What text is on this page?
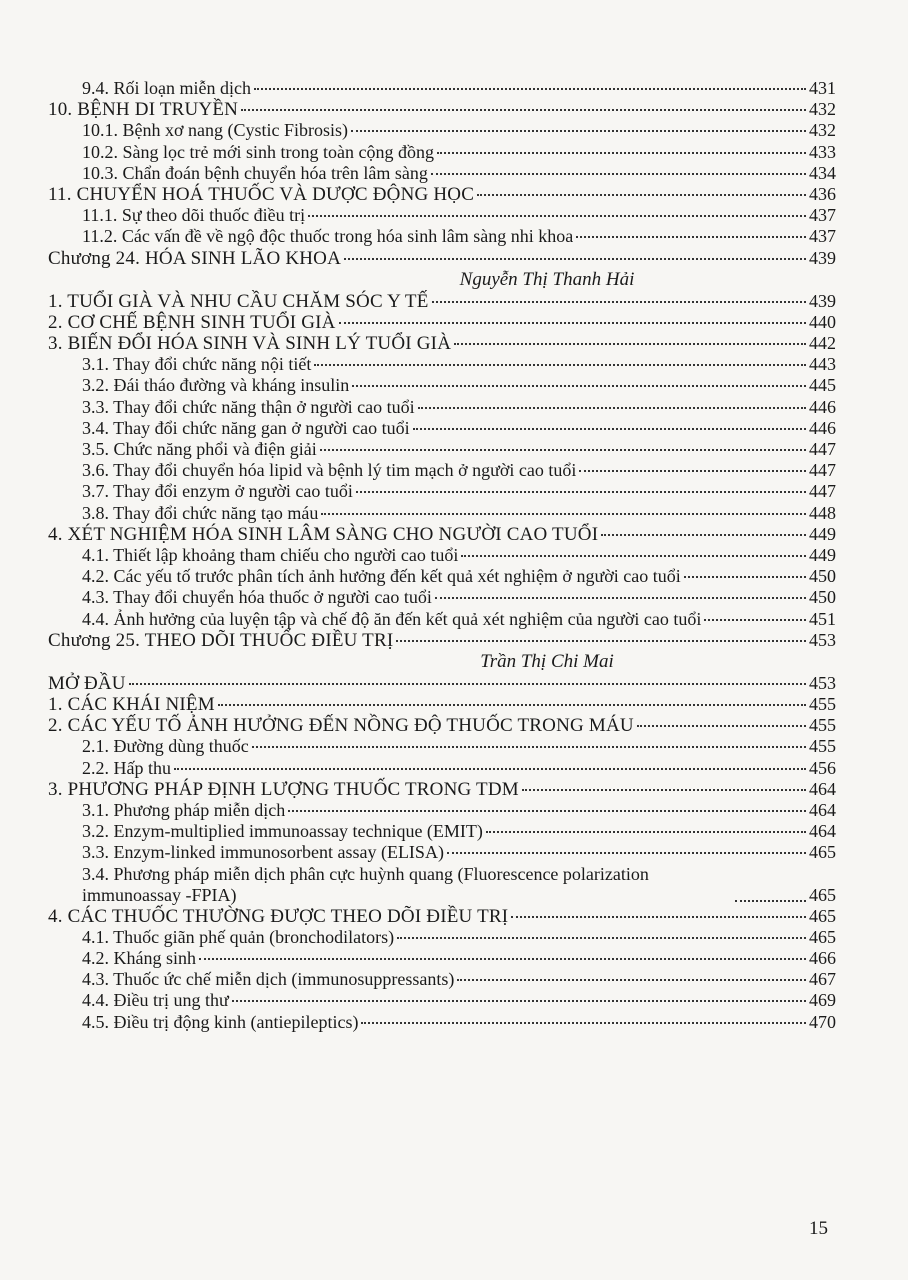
9.4. Rối loạn miễn dịch	431
10. BỆNH DI TRUYỀN	432
10.1. Bệnh xơ nang (Cystic Fibrosis)	432
10.2. Sàng lọc trẻ mới sinh trong toàn cộng đồng	433
10.3. Chẩn đoán bệnh chuyển hóa trên lâm sàng	434
11. CHUYỂN HOÁ THUỐC VÀ DƯỢC ĐỘNG HỌC	436
11.1. Sự theo dõi thuốc điều trị	437
11.2. Các vấn đề về ngộ độc thuốc trong hóa sinh lâm sàng nhi khoa	437
Chương 24. HÓA SINH LÃO KHOA	439
Nguyễn Thị Thanh Hải
1. TUỔI GIÀ VÀ NHU CẦU CHĂM SÓC Y TẾ	439
2. CƠ CHẾ BỆNH SINH TUỔI GIÀ	440
3. BIẾN ĐỔI HÓA SINH VÀ SINH LÝ TUỔI GIÀ	442
3.1. Thay đổi chức năng nội tiết	443
3.2. Đái tháo đường và kháng insulin	445
3.3. Thay đổi chức năng thận ở người cao tuổi	446
3.4. Thay đổi chức năng gan ở người cao tuổi	446
3.5. Chức năng phổi và điện giải	447
3.6. Thay đổi chuyển hóa lipid và bệnh lý tim mạch ở người cao tuổi	447
3.7. Thay đổi enzym ở người cao tuổi	447
3.8. Thay đổi chức năng tạo máu	448
4. XÉT NGHIỆM HÓA SINH LÂM SÀNG CHO NGƯỜI CAO TUỔI	449
4.1. Thiết lập khoảng tham chiếu cho người cao tuổi	449
4.2. Các yếu tố trước phân tích ảnh hưởng đến kết quả xét nghiệm ở người cao tuổi	450
4.3. Thay đổi chuyển hóa thuốc ở người cao tuổi	450
4.4. Ảnh hưởng của luyện tập và chế độ ăn đến kết quả xét nghiệm của người cao tuổi	451
Chương 25. THEO DÕI THUỐC ĐIỀU TRỊ	453
Trần Thị Chi Mai
MỞ ĐẦU	453
1. CÁC KHÁI NIỆM	455
2. CÁC YẾU TỐ ẢNH HƯỞNG ĐẾN NỒNG ĐỘ THUỐC TRONG MÁU	455
2.1. Đường dùng thuốc	455
2.2. Hấp thu	456
3. PHƯƠNG PHÁP ĐỊNH LƯỢNG THUỐC TRONG TDM	464
3.1. Phương pháp miễn dịch	464
3.2. Enzym-multiplied immunoassay technique (EMIT)	464
3.3. Enzym-linked immunosorbent assay (ELISA)	465
3.4. Phương pháp miễn dịch phân cực huỳnh quang (Fluorescence polarization immunoassay -FPIA)	465
4. CÁC THUỐC THƯỜNG ĐƯỢC THEO DÕI ĐIỀU TRỊ	465
4.1. Thuốc giãn phế quản (bronchodilators)	465
4.2. Kháng sinh	466
4.3. Thuốc ức chế miễn dịch (immunosuppressants)	467
4.4. Điều trị ung thư	469
4.5. Điều trị động kinh (antiepileptics)	470
15
